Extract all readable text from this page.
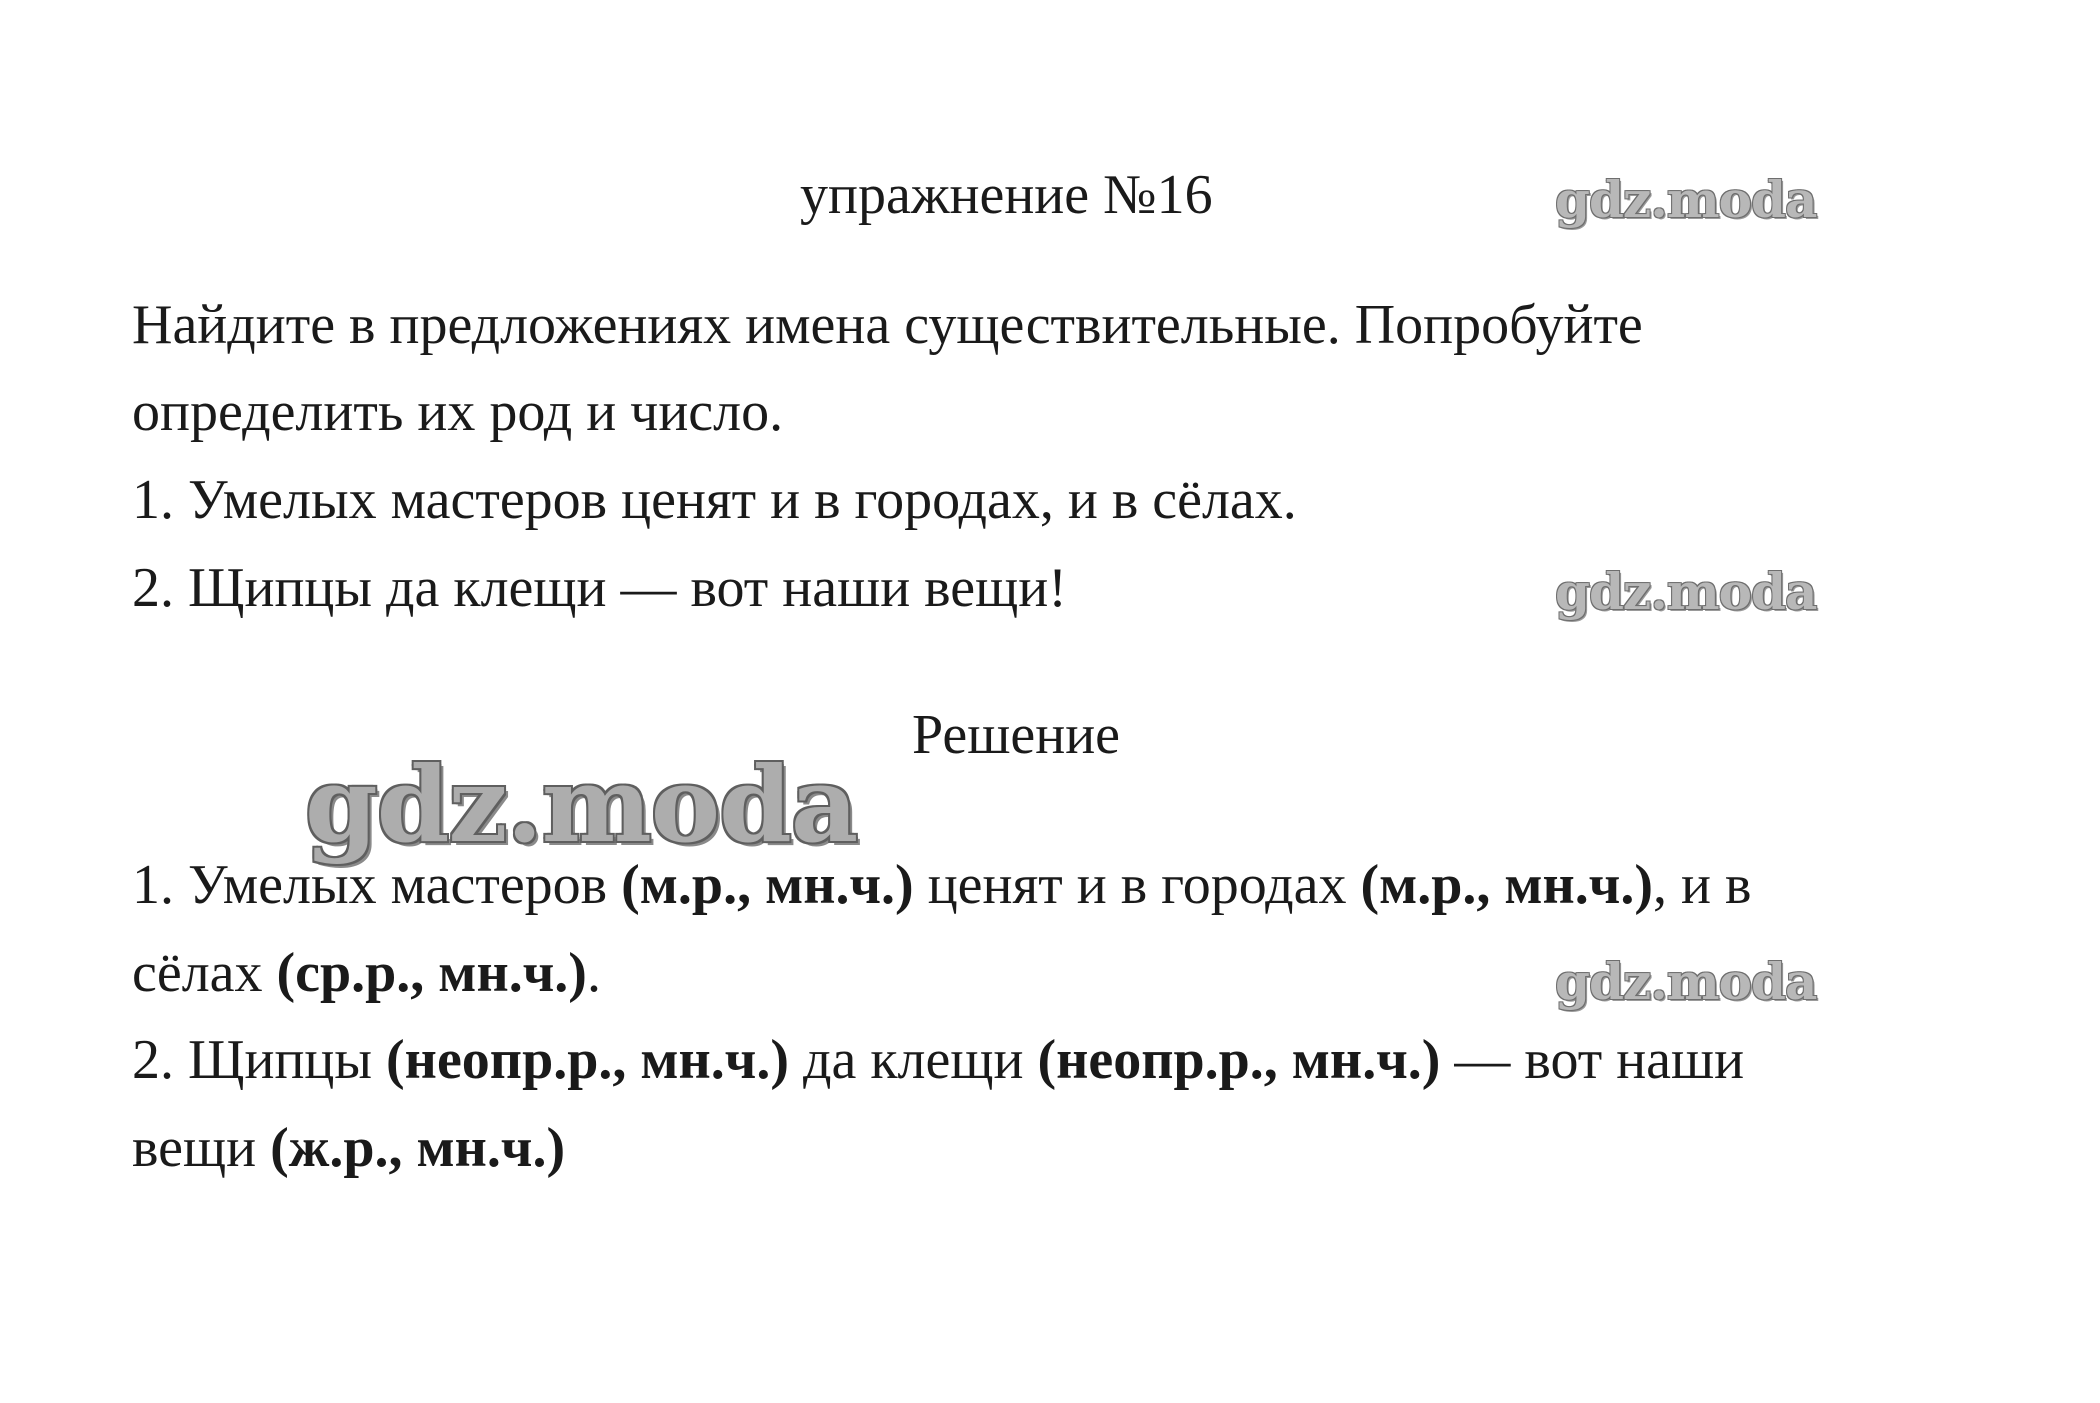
упражнение №16	gdz.moda
Найдите в предложениях имена существительные. Попробуйте
определить их род и число.
1. Умелых мастеров ценят и в городах, и в сёлах.
2. Щипцы да клещи — вот наши вещи!	gdz.moda
Решение
gdz.moda
1. Умелых мастеров (м.р., мн.ч.) ценят и в городах (м.р., мн.ч.), и в
сёлах (ср.р., мн.ч.).	gdz.moda
2. Щипцы (неопр.р., мн.ч.) да клещи (неопр.р., мн.ч.) — вот наши
вещи (ж.р., мн.ч.)
